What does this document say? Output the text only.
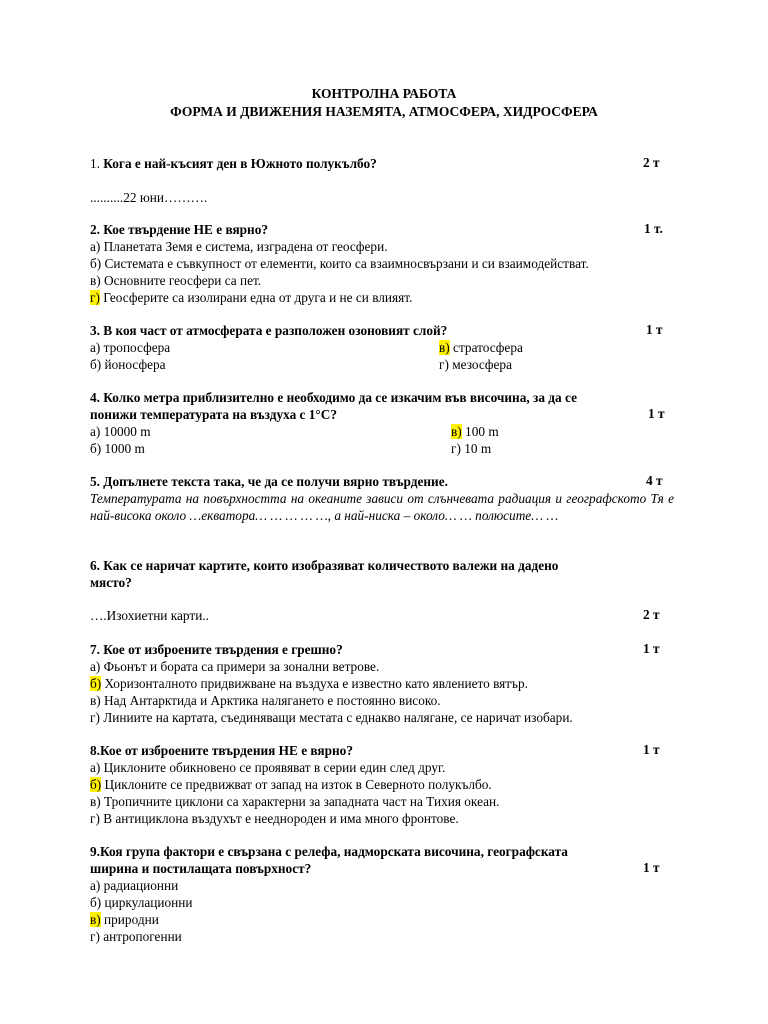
КОНТРОЛНА РАБОТА
ФОРМА И ДВИЖЕНИЯ НАЗЕМЯТА, АТМОСФЕРА, ХИДРОСФЕРА
1. Кога е най-късият ден в Южното полукълбо?	2 т
..........22 юни……….
2. Кое твърдение НЕ е вярно?	1 т.
а) Планетата Земя е система, изградена от геосфери.
б) Системата е съвкупност от елементи, които са взаимносвързани и си взаимодействат.
в) Основните геосфери са пет.
г) Геосферите са изолирани една от друга и не си влияят.
3. В коя част от атмосферата е разположен озоновият слой?	1 т
а) тропосфера	в) стратосфера
б) йоносфера	г) мезосфера
4. Колко метра приблизително е необходимо да се изкачим във височина, за да се
понижи температурата на въздуха с 1°С?	1 т
а) 10000 m	в) 100 m
б) 1000 m	г) 10 m
5. Допълнете текста така, че да се получи вярно твърдение.	4 т
Температурата на повърхността на океаните зависи от слънчевата радиация и географското Тя е най-висока около …екватора… … … … …, а най-ниска – около… … полюсите… …
6. Как се наричат картите, които изобразяват количеството валежи на дадено
място?
….Изохиетни карти..	2 т
7. Кое от изброените твърдения е грешно?	1 т
а) Фьонът и бората са примери за зонални ветрове.
б) Хоризонталното придвижване на въздуха е известно като явлението вятър.
в) Над Антарктида и Арктика налягането е постоянно високо.
г) Линиите на картата, съединяващи местата с еднакво налягане, се наричат изобари.
8.Кое от изброените твърдения НЕ е вярно?	1 т
а) Циклоните обикновено се проявяват в серии един след друг.
б) Циклоните се предвижват от запад на изток в Северното полукълбо.
в) Тропичните циклони са характерни за западната част на Тихия океан.
г) В антициклона въздухът е нееднороден и има много фронтове.
9.Коя група фактори е свързана с релефа, надморската височина, географската
ширина и постилащата повърхност?	1 т
а) радиационни
б) циркулационни
в) природни
г) антропогенни
